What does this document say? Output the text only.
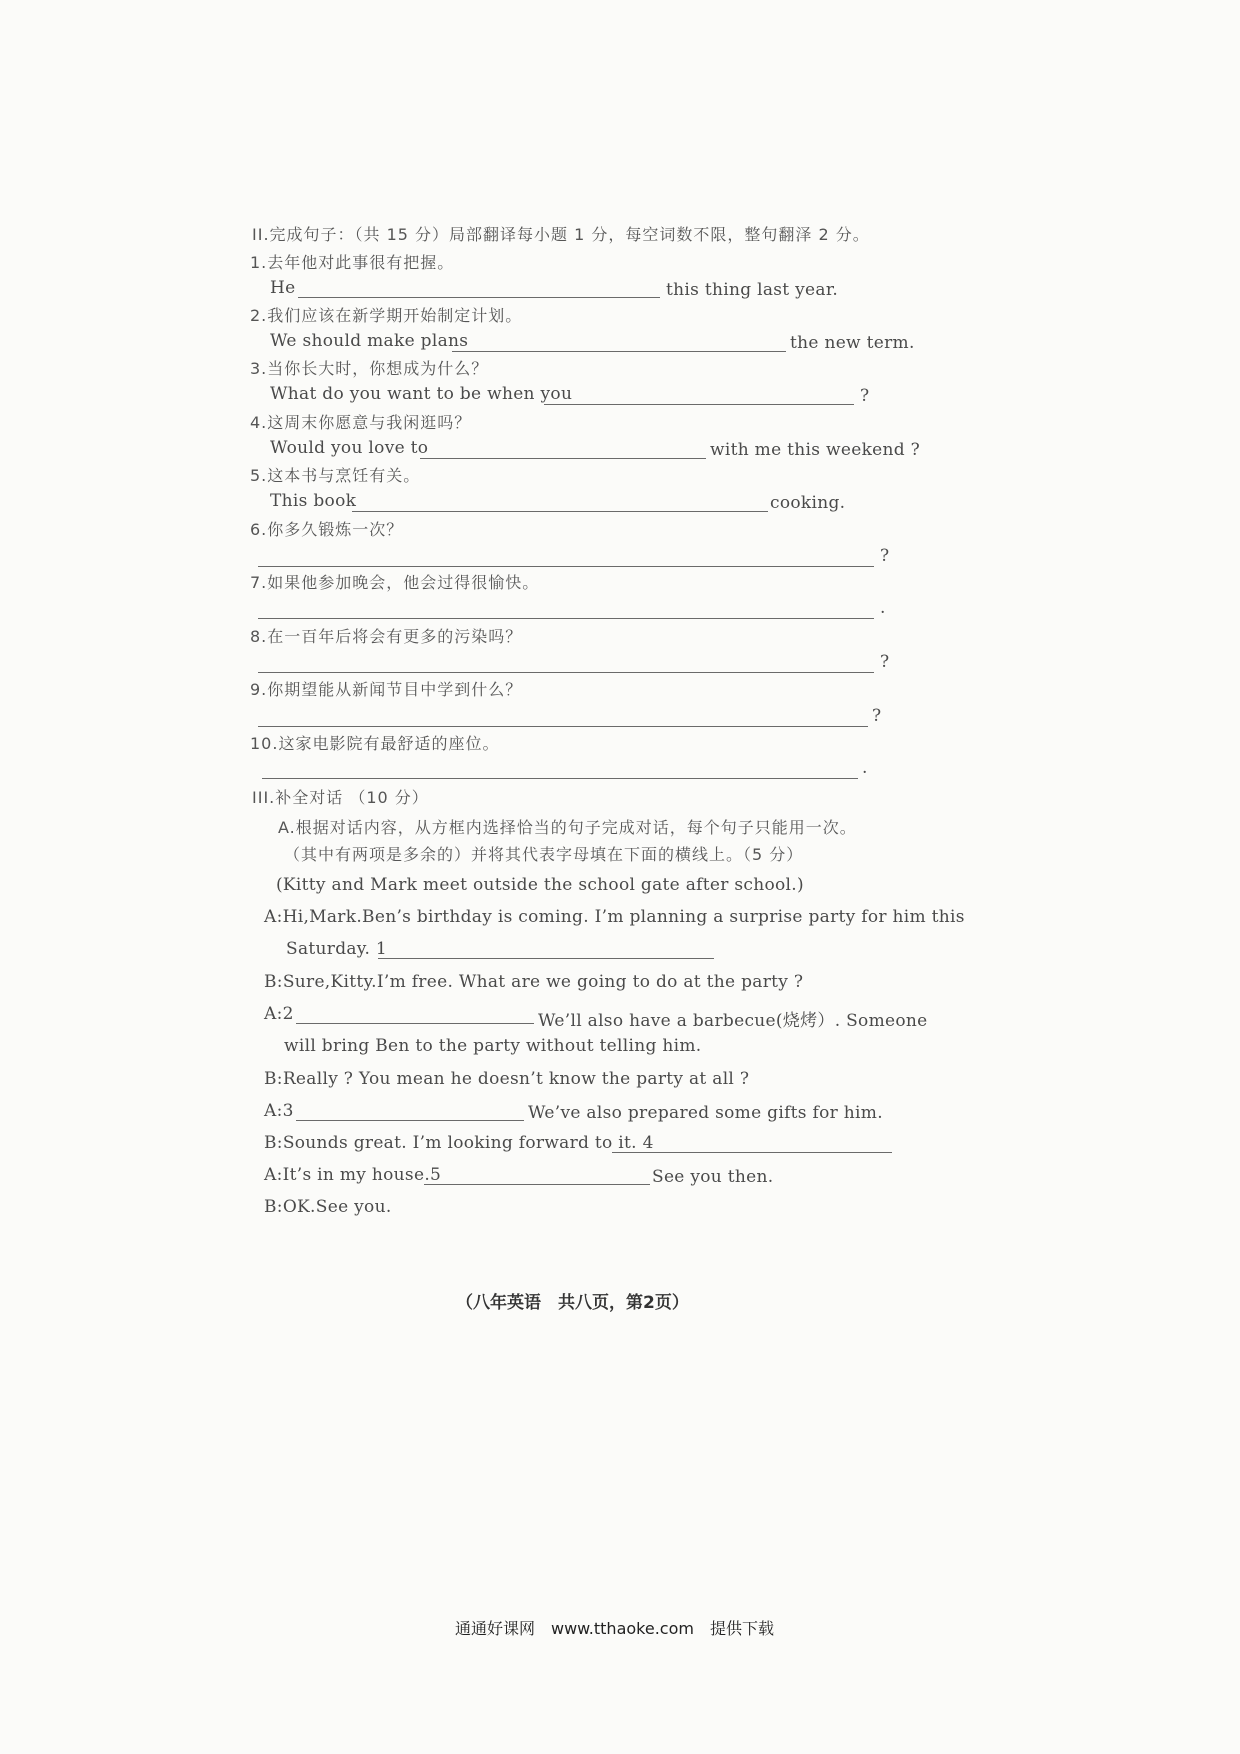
II.完成句子：（共 15 分）局部翻译每小题 1 分，每空词数不限，整句翻泽 2 分。
1.去年他对此事很有把握。
He	this thing last year.
2.我们应该在新学期开始制定计划。
We should make plans	the new term.
3.当你长大时，你想成为什么？
What do you want to be when you	?
4.这周末你愿意与我闲逛吗？
Would you love to	with me this weekend ?
5.这本书与烹饪有关。
This book	cooking.
6.你多久锻炼一次？
?
7.如果他参加晚会，他会过得很愉快。
.
8.在一百年后将会有更多的污染吗？
?
9.你期望能从新闻节目中学到什么？
?
10.这家电影院有最舒适的座位。
.
III.补全对话 （10 分）
A.根据对话内容，从方框内选择恰当的句子完成对话，每个句子只能用一次。
（其中有两项是多余的）并将其代表字母填在下面的横线上。（5 分）
(Kitty and Mark meet outside the school gate after school.)
A:Hi,Mark.Ben’s birthday is coming. I’m planning a surprise party for him this
Saturday. 1
B:Sure,Kitty.I’m free. What are we going to do at the party ?
A:2	We’ll also have a barbecue(烧烤）. Someone
will bring Ben to the party without telling him.
B:Really ? You mean he doesn’t know the party at all ?
A:3	We’ve also prepared some gifts for him.
B:Sounds great. I’m looking forward to it. 4
A:It’s in my house.5	See you then.
B:OK.See you.
（八年英语　共八页，第2页）
通通好课网　www.tthaoke.com　提供下载
